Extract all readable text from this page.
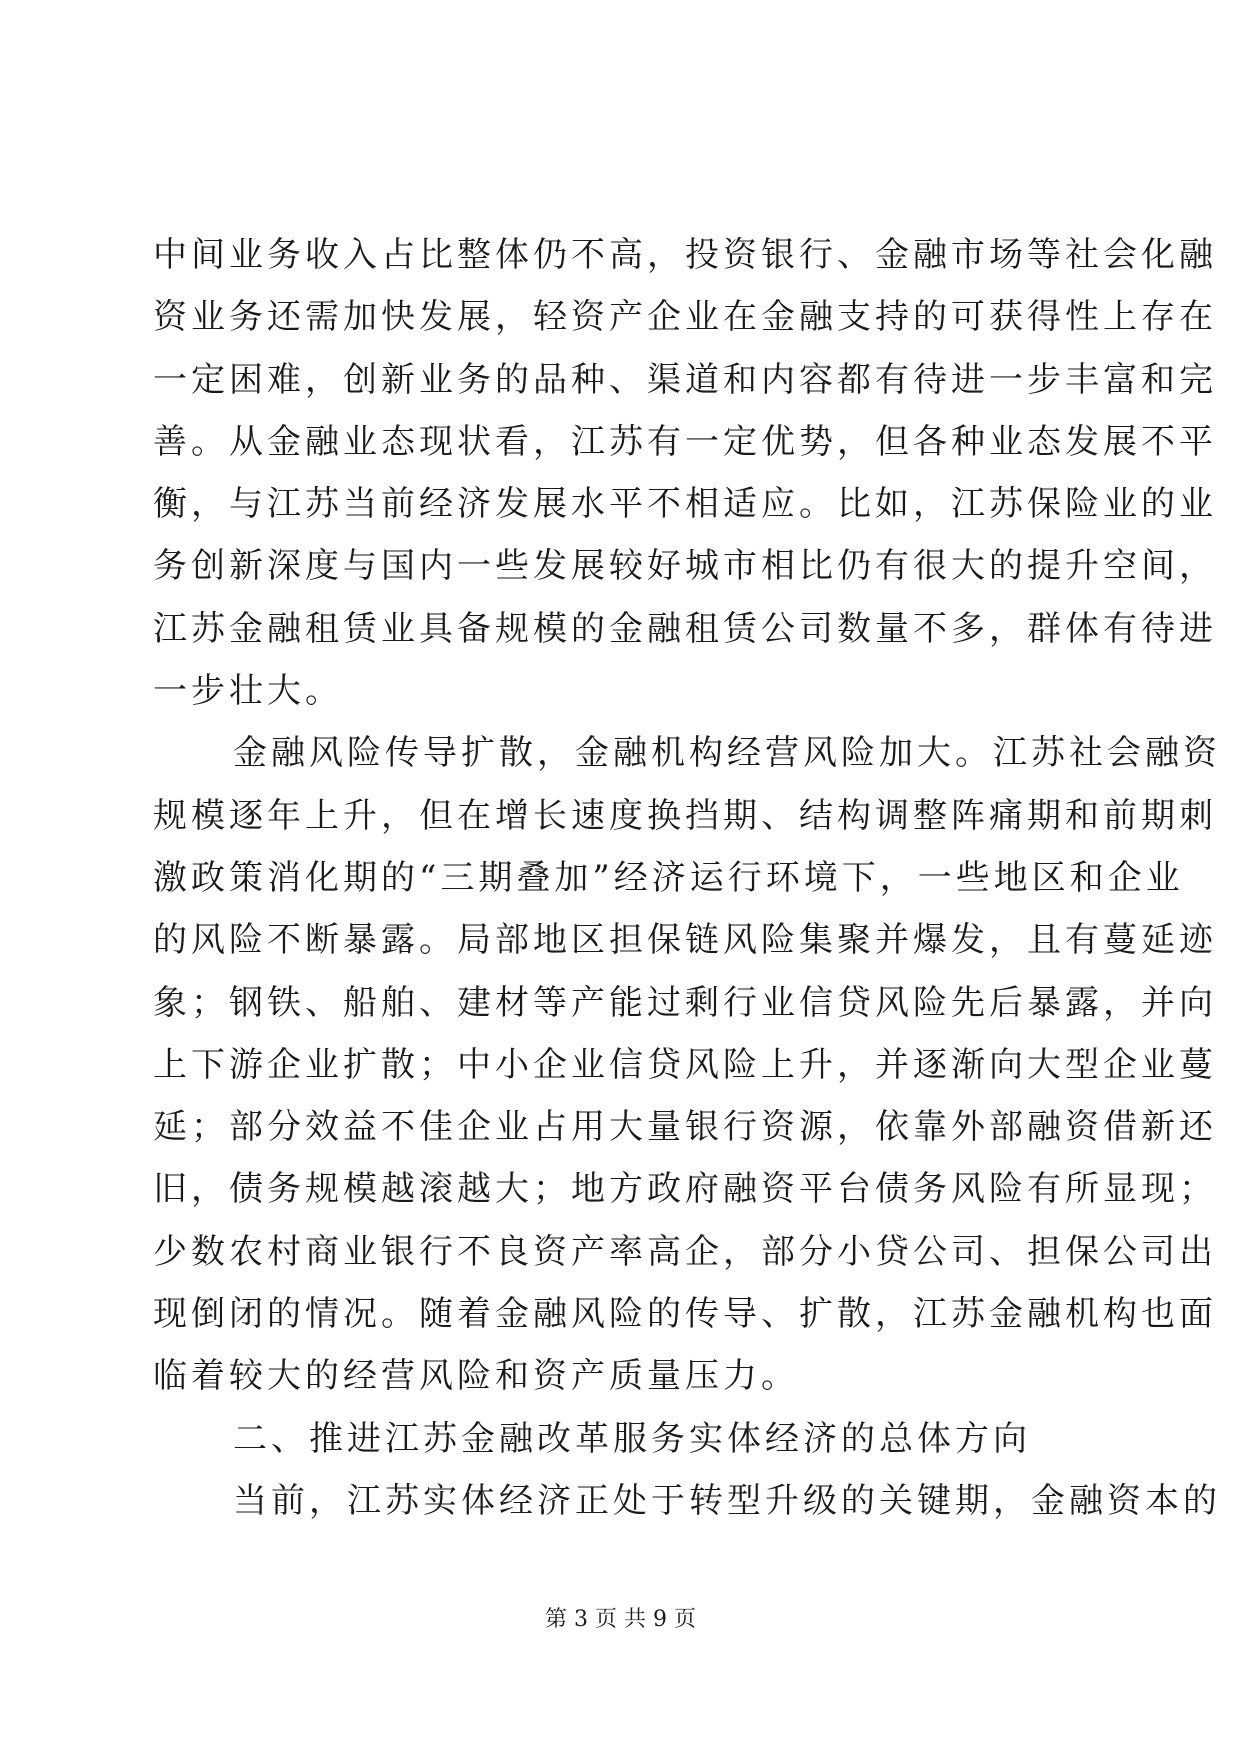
中间业务收入占比整体仍不高，投资银行、金融市场等社会化融
资业务还需加快发展，轻资产企业在金融支持的可获得性上存在
一定困难，创新业务的品种、渠道和内容都有待进一步丰富和完
善。从金融业态现状看，江苏有一定优势，但各种业态发展不平
衡，与江苏当前经济发展水平不相适应。比如，江苏保险业的业
务创新深度与国内一些发展较好城市相比仍有很大的提升空间，
江苏金融租赁业具备规模的金融租赁公司数量不多，群体有待进
一步壮大。
金融风险传导扩散，金融机构经营风险加大。江苏社会融资
规模逐年上升，但在增长速度换挡期、结构调整阵痛期和前期刺
激政策消化期的“三期叠加”经济运行环境下，一些地区和企业
的风险不断暴露。局部地区担保链风险集聚并爆发，且有蔓延迹
象；钢铁、船舶、建材等产能过剩行业信贷风险先后暴露，并向
上下游企业扩散；中小企业信贷风险上升，并逐渐向大型企业蔓
延；部分效益不佳企业占用大量银行资源，依靠外部融资借新还
旧，债务规模越滚越大；地方政府融资平台债务风险有所显现；
少数农村商业银行不良资产率高企，部分小贷公司、担保公司出
现倒闭的情况。随着金融风险的传导、扩散，江苏金融机构也面
临着较大的经营风险和资产质量压力。
二、推进江苏金融改革服务实体经济的总体方向
当前，江苏实体经济正处于转型升级的关键期，金融资本的
第 3 页 共 9 页
